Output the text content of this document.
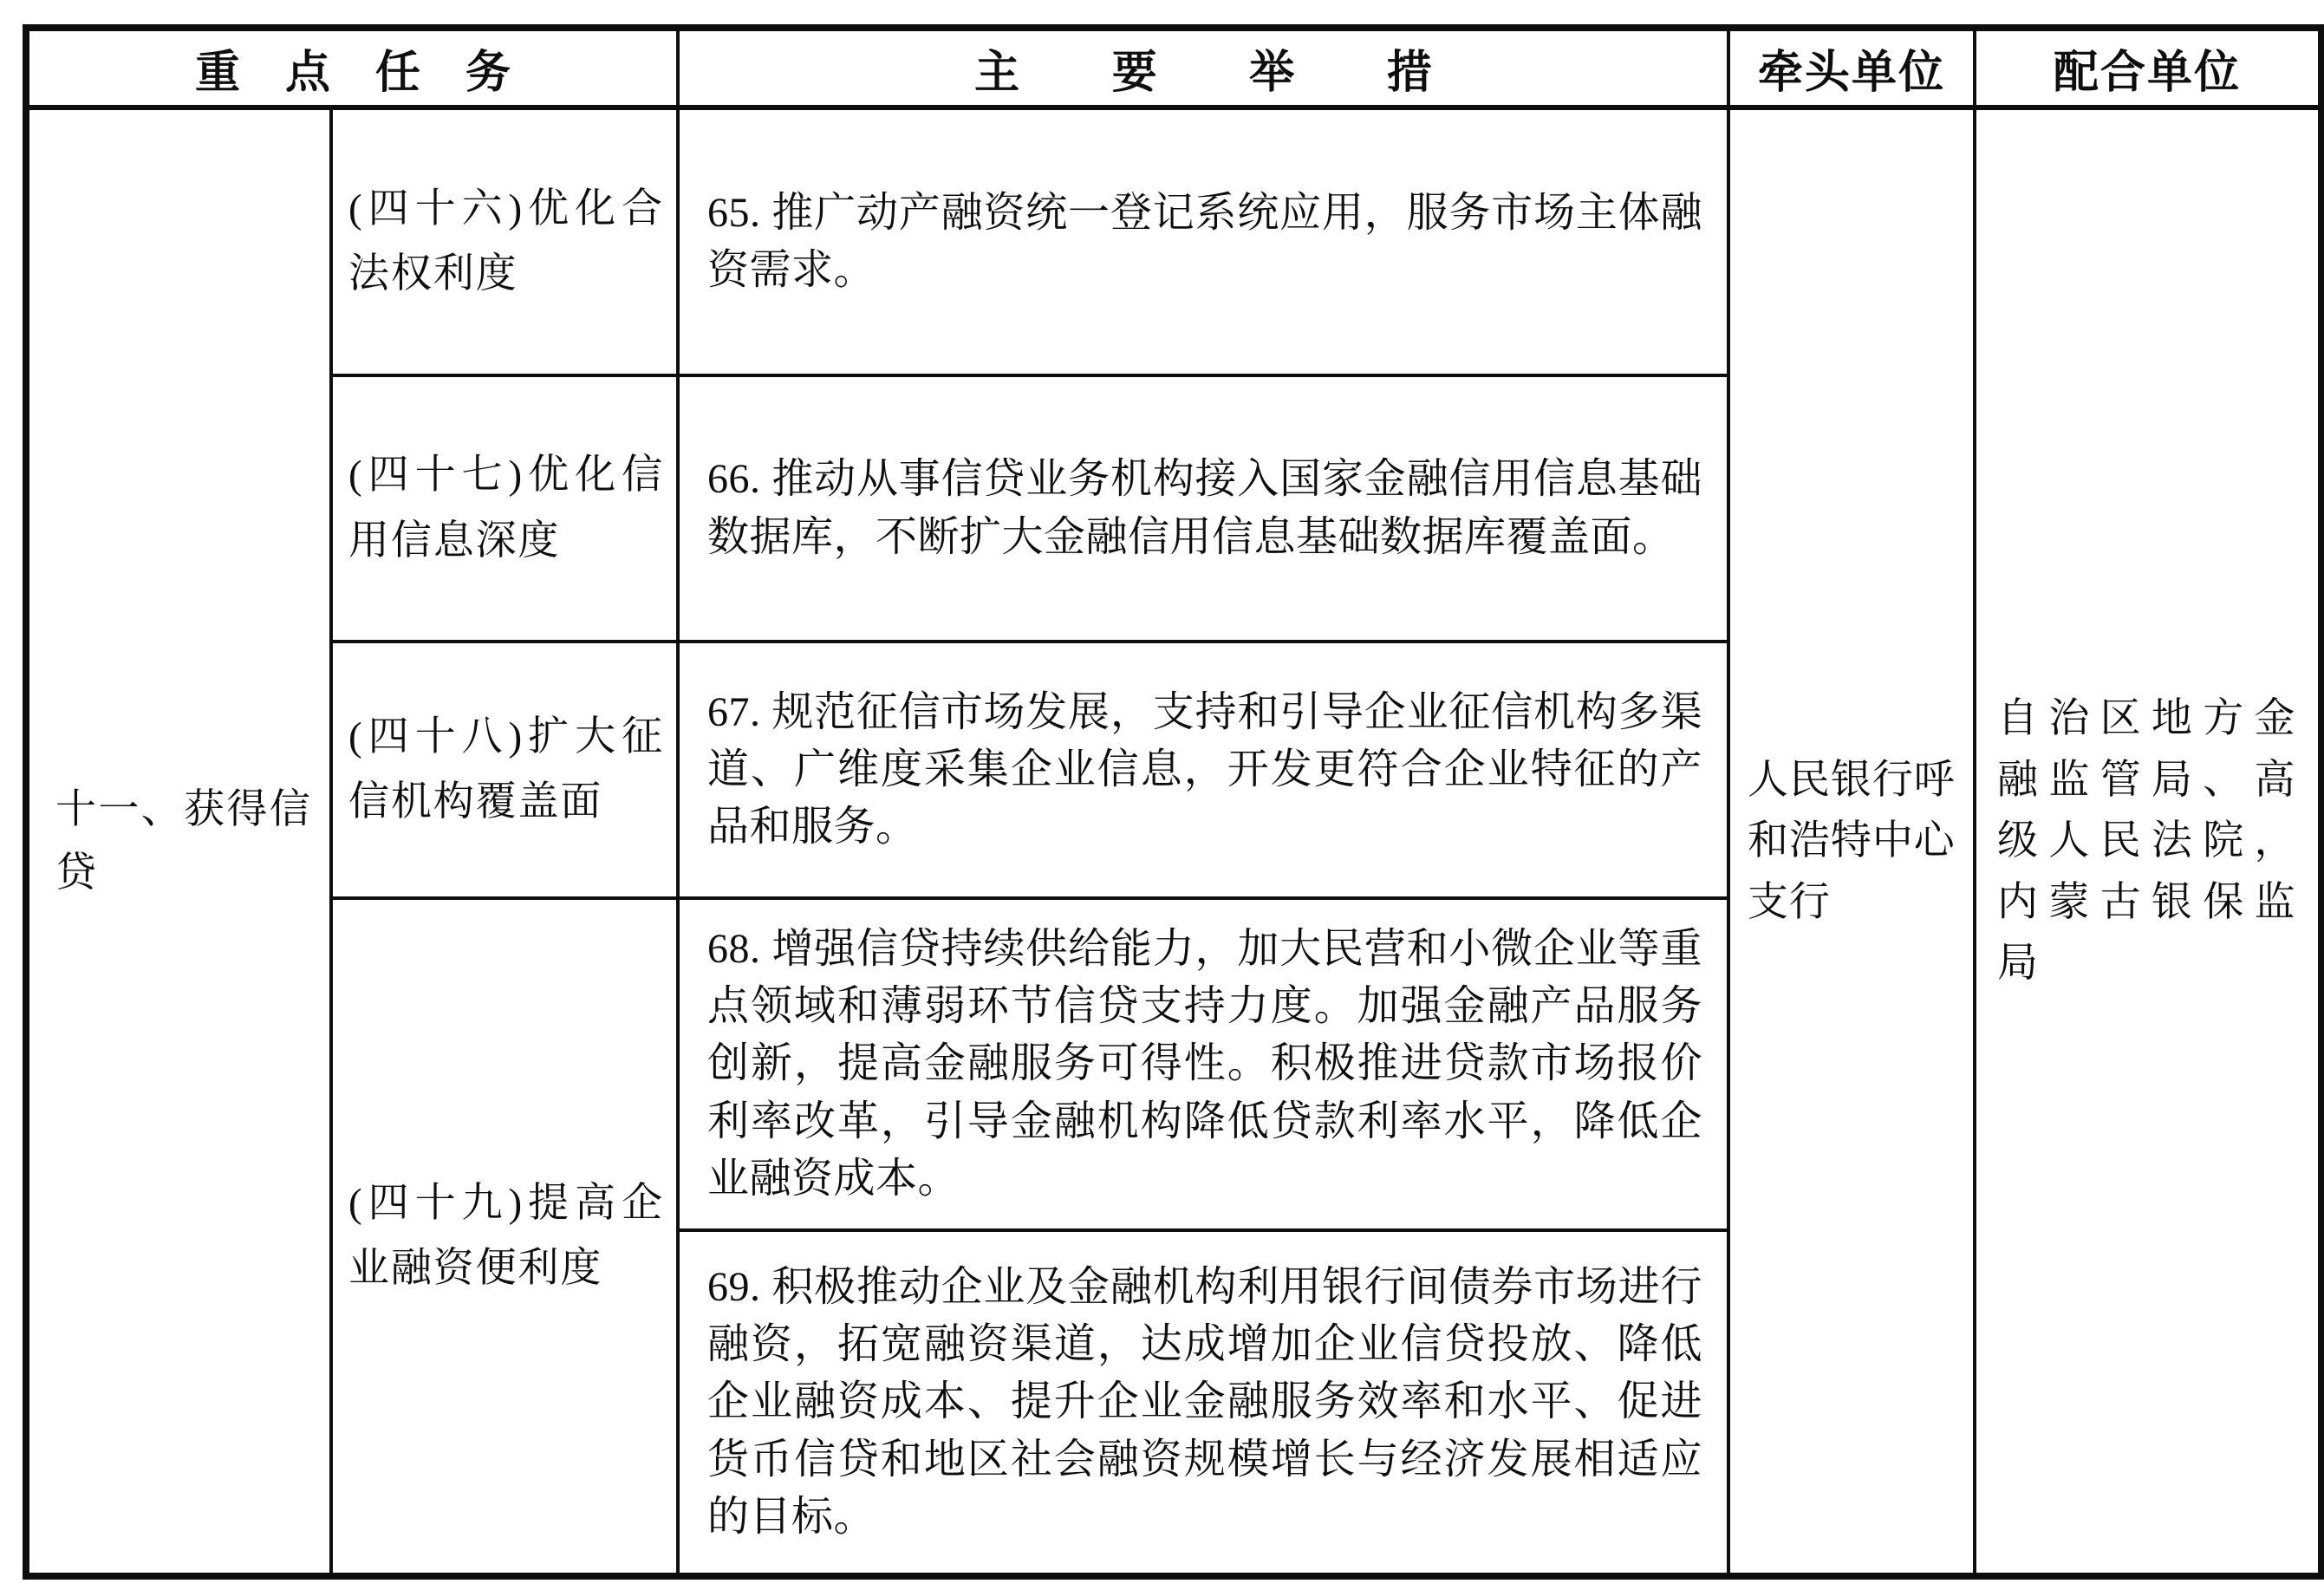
重点任务		主要举措	牵头单位	配合单位
十一、获得信贷	(四十六)优化合法权利度	65. 推广动产融资统一登记系统应用，服务市场主体融资需求。	人民银行呼和浩特中心支行	自治区地方金融监管局、高级人民法院，内蒙古银保监局
	(四十七)优化信用信息深度	66. 推动从事信贷业务机构接入国家金融信用信息基础数据库，不断扩大金融信用信息基础数据库覆盖面。		
	(四十八)扩大征信机构覆盖面	67. 规范征信市场发展，支持和引导企业征信机构多渠道、广维度采集企业信息，开发更符合企业特征的产品和服务。		
	(四十九)提高企业融资便利度	68. 增强信贷持续供给能力，加大民营和小微企业等重点领域和薄弱环节信贷支持力度。加强金融产品服务创新，提高金融服务可得性。积极推进贷款市场报价利率改革，引导金融机构降低贷款利率水平，降低企业融资成本。		
		69. 积极推动企业及金融机构利用银行间债券市场进行融资，拓宽融资渠道，达成增加企业信贷投放、降低企业融资成本、提升企业金融服务效率和水平、促进货币信贷和地区社会融资规模增长与经济发展相适应的目标。		
